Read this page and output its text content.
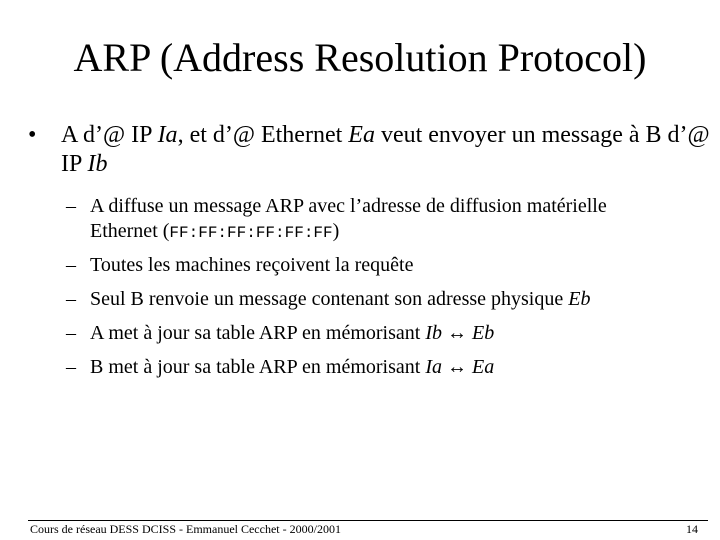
ARP (Address Resolution Protocol)
• A d’@ IP Ia, et d’@ Ethernet Ea veut envoyer un message à B d’@ IP Ib
– A diffuse un message ARP avec l’adresse de diffusion matérielle
Ethernet (FF:FF:FF:FF:FF:FF)
– Toutes les machines reçoivent la requête
– Seul B renvoie un message contenant son adresse physique Eb
– A met à jour sa table ARP en mémorisant Ib ↔ Eb
– B met à jour sa table ARP en mémorisant Ia ↔ Ea
Cours de réseau DESS DCISS - Emmanuel Cecchet - 2000/2001	14
